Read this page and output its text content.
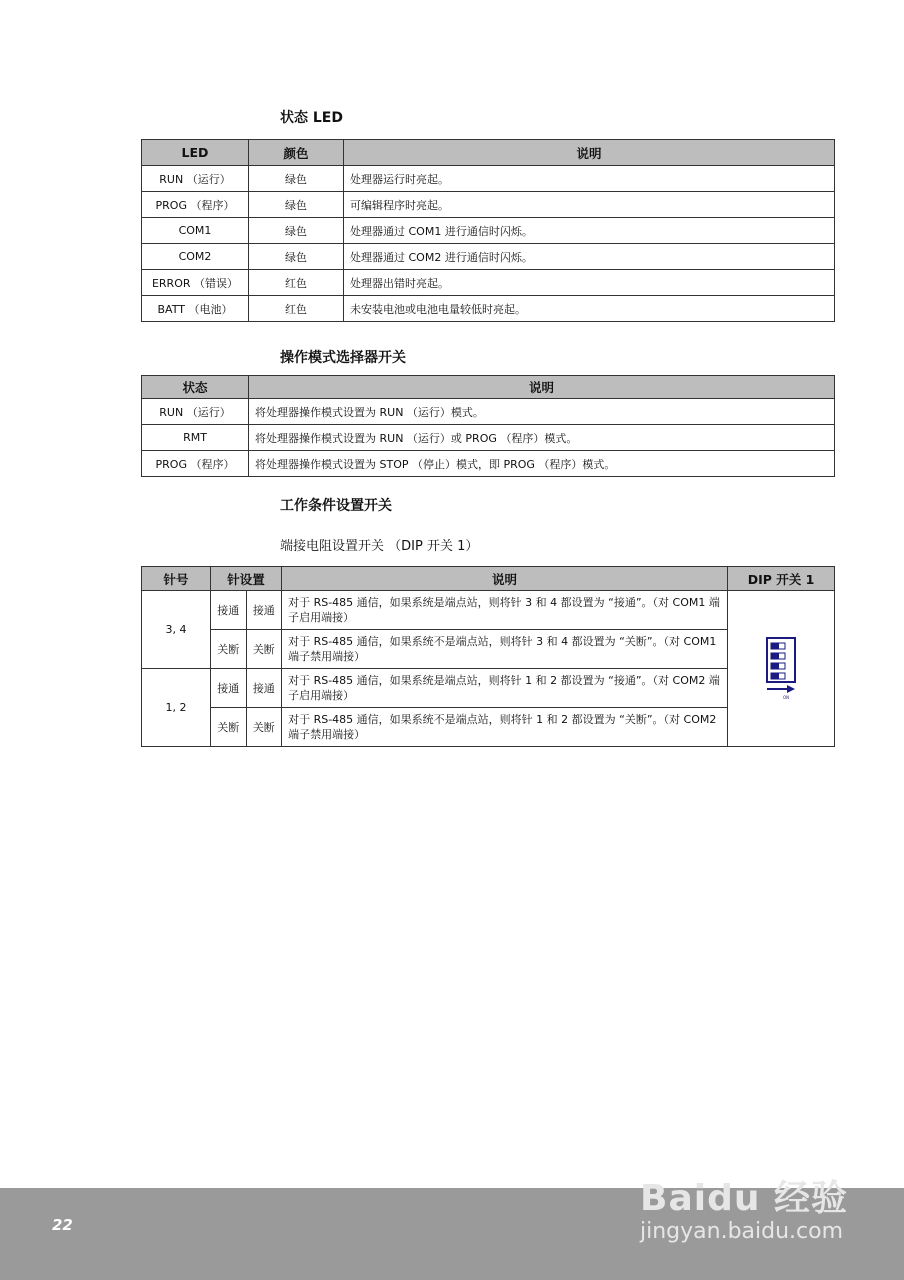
状态 LED
LED	颜色	说明
RUN （运行）	绿色	处理器运行时亮起。
PROG （程序）	绿色	可编辑程序时亮起。
COM1	绿色	处理器通过 COM1 进行通信时闪烁。
COM2	绿色	处理器通过 COM2 进行通信时闪烁。
ERROR （错误）	红色	处理器出错时亮起。
BATT （电池）	红色	未安装电池或电池电量较低时亮起。
操作模式选择器开关
状态	说明
RUN （运行）	将处理器操作模式设置为 RUN （运行）模式。
RMT	将处理器操作模式设置为 RUN （运行）或 PROG （程序）模式。
PROG （程序）	将处理器操作模式设置为 STOP （停止）模式，即 PROG （程序）模式。
工作条件设置开关
端接电阻设置开关 （DIP 开关 1）
针号	针设置		说明	DIP 开关 1
3, 4	接通	接通	对于 RS-485 通信，如果系统是端点站，则将针 3 和 4 都设置为 “接通”。（对 COM1 端子启用端接）	ON

	关断	关断	对于 RS-485 通信，如果系统不是端点站，则将针 3 和 4 都设置为 “关断”。（对 COM1 端子禁用端接）	
1, 2	接通	接通	对于 RS-485 通信，如果系统是端点站，则将针 1 和 2 都设置为 “接通”。（对 COM2 端子启用端接）	
	关断	关断	对于 RS-485 通信，如果系统不是端点站，则将针 1 和 2 都设置为 “关断”。（对 COM2 端子禁用端接）	
22
Baidu 经验
jingyan.baidu.com
